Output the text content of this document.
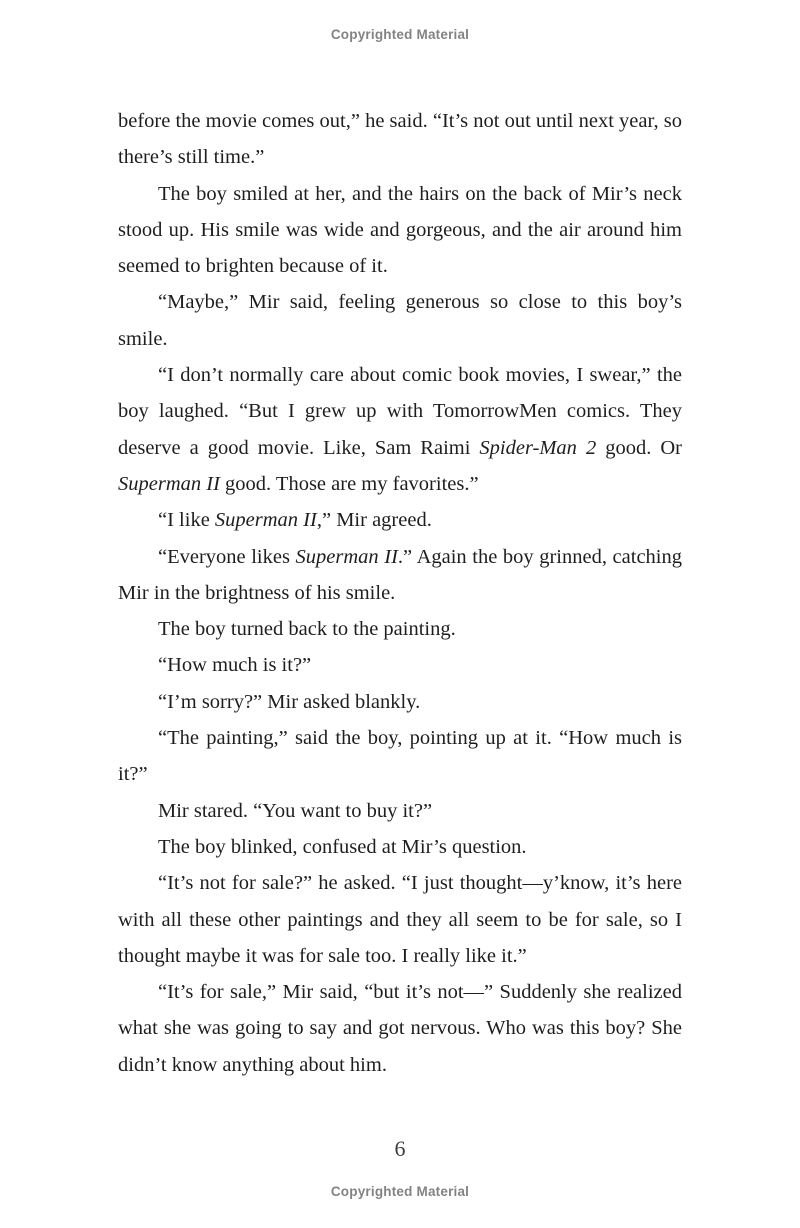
Copyrighted Material

before the movie comes out,” he said. “It’s not out until next year, so there’s still time.”

The boy smiled at her, and the hairs on the back of Mir’s neck stood up. His smile was wide and gorgeous, and the air around him seemed to brighten because of it.

“Maybe,” Mir said, feeling generous so close to this boy’s smile.

“I don’t normally care about comic book movies, I swear,” the boy laughed. “But I grew up with TomorrowMen comics. They deserve a good movie. Like, Sam Raimi Spider-Man 2 good. Or Superman II good. Those are my favorites.”

“I like Superman II,” Mir agreed.

“Everyone likes Superman II.” Again the boy grinned, catching Mir in the brightness of his smile.

The boy turned back to the painting.

“How much is it?”

“I’m sorry?” Mir asked blankly.

“The painting,” said the boy, pointing up at it. “How much is it?”

Mir stared. “You want to buy it?”

The boy blinked, confused at Mir’s question.

“It’s not for sale?” he asked. “I just thought—y’know, it’s here with all these other paintings and they all seem to be for sale, so I thought maybe it was for sale too. I really like it.”

“It’s for sale,” Mir said, “but it’s not—” Suddenly she realized what she was going to say and got nervous. Who was this boy? She didn’t know anything about him.

6
Copyrighted Material
